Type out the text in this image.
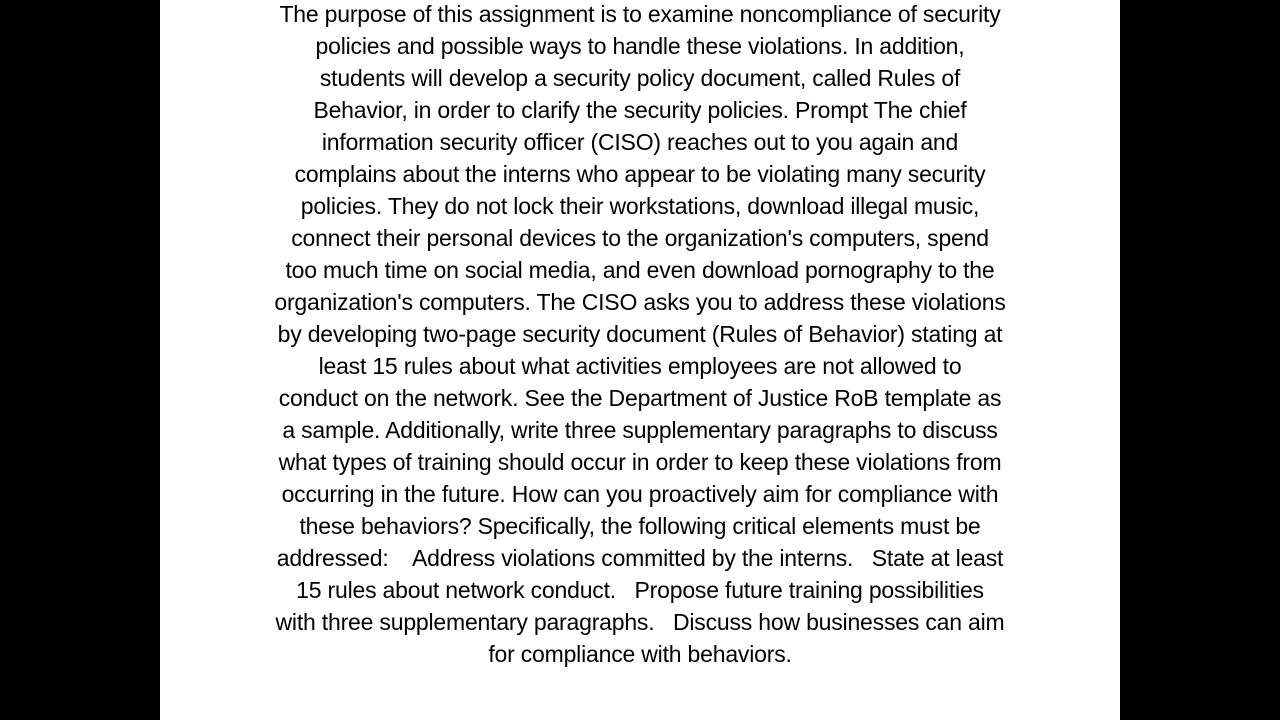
The purpose of this assignment is to examine noncompliance of security
policies and possible ways to handle these violations. In addition,
students will develop a security policy document, called Rules of
Behavior, in order to clarify the security policies. Prompt The chief
information security officer (CISO) reaches out to you again and
complains about the interns who appear to be violating many security
policies. They do not lock their workstations, download illegal music,
connect their personal devices to the organization's computers, spend
too much time on social media, and even download pornography to the
organization's computers. The CISO asks you to address these violations
by developing two-page security document (Rules of Behavior) stating at
least 15 rules about what activities employees are not allowed to
conduct on the network. See the Department of Justice RoB template as
a sample. Additionally, write three supplementary paragraphs to discuss
what types of training should occur in order to keep these violations from
occurring in the future. How can you proactively aim for compliance with
these behaviors? Specifically, the following critical elements must be
addressed:    Address violations committed by the interns.   State at least
15 rules about network conduct.   Propose future training possibilities
with three supplementary paragraphs.   Discuss how businesses can aim
for compliance with behaviors.
